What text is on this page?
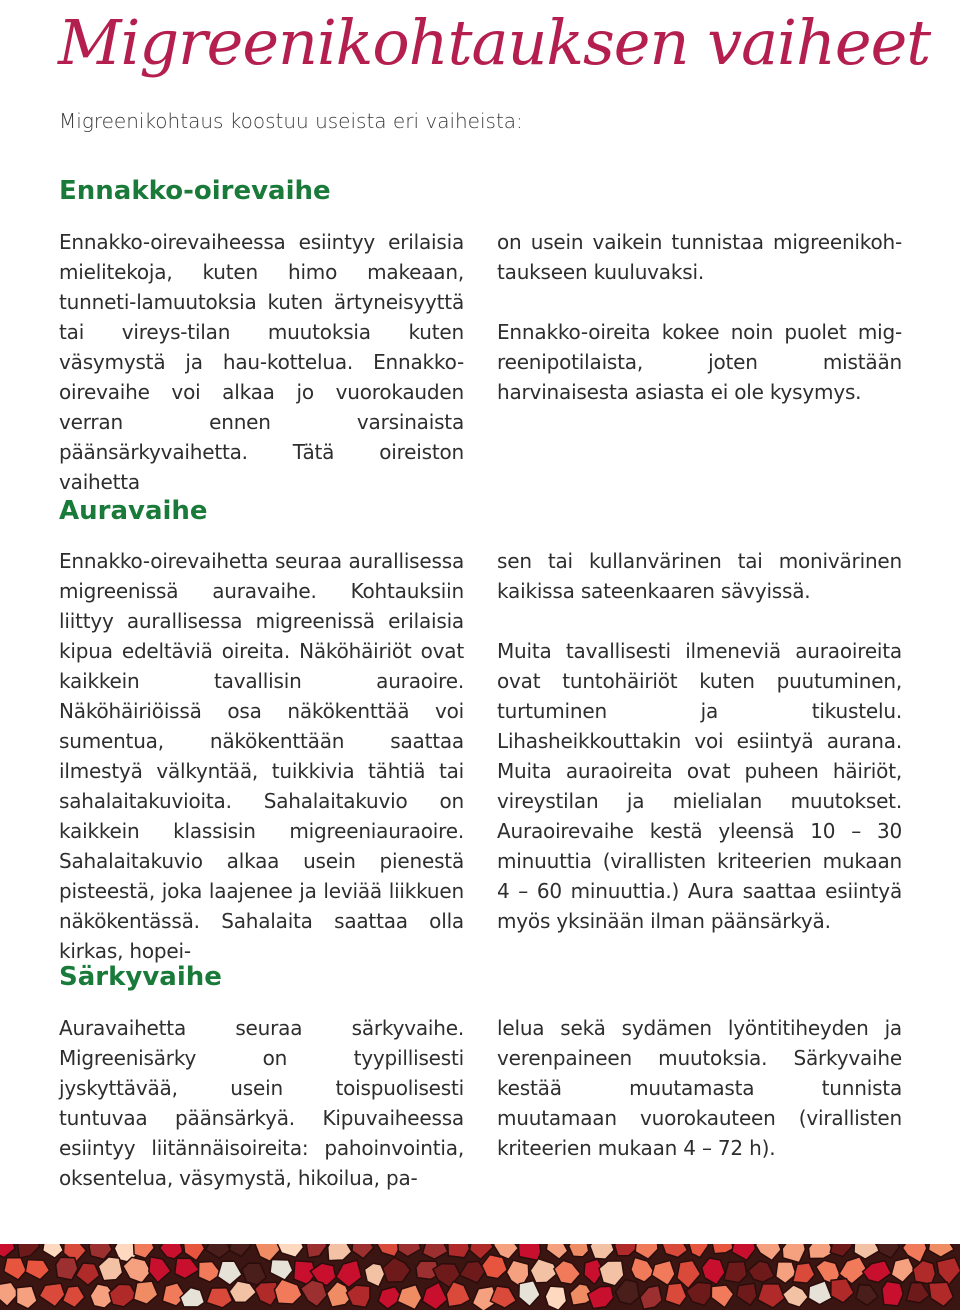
Migreenikohtauksen vaiheet
Migreenikohtaus koostuu useista eri vaiheista:
Ennakko-oirevaihe

Ennakko-oirevaiheessa esiintyy erilaisia mielitekoja, kuten himo makeaan, tunneti-lamuutoksia kuten ärtyneisyyttä tai vireys-tilan muutoksia kuten väsymystä ja hau-kottelua. Ennakko-oirevaihe voi alkaa jo vuorokauden verran ennen varsinaista päänsärkyvaihetta. Tätä oireiston vaihetta

on usein vaikein tunnistaa migreenikoh-taukseen kuuluvaksi.

Ennakko-oireita kokee noin puolet mig-reenipotilaista, joten mistään harvinaisesta asiasta ei ole kysymys.

Auravaihe

Ennakko-oirevaihetta seuraa aurallisessa migreenissä auravaihe. Kohtauksiin liittyy aurallisessa migreenissä erilaisia kipua edeltäviä oireita. Näköhäiriöt ovat kaikkein tavallisin auraoire. Näköhäiriöissä osa näkökenttää voi sumentua, näkökenttään saattaa ilmestyä välkyntää, tuikkivia tähtiä tai sahalaitakuvioita. Sahalaitakuvio on kaikkein klassisin migreeniauraoire. Sahalaitakuvio alkaa usein pienestä pisteestä, joka laajenee ja leviää liikkuen näkökentässä. Sahalaita saattaa olla kirkas, hopei-

sen tai kullanvärinen tai monivärinen kaikissa sateenkaaren sävyissä.

Muita tavallisesti ilmeneviä auraoireita ovat tuntohäiriöt kuten puutuminen, turtuminen ja tikustelu. Lihasheikkouttakin voi esiintyä aurana. Muita auraoireita ovat puheen häiriöt, vireystilan ja mielialan muutokset. Auraoirevaihe kestä yleensä 10 – 30 minuuttia (virallisten kriteerien mukaan 4 – 60 minuuttia.) Aura saattaa esiintyä myös yksinään ilman päänsärkyä.

Särkyvaihe

Auravaihetta seuraa särkyvaihe. Migreenisärky on tyypillisesti jyskyttävää, usein toispuolisesti tuntuvaa päänsärkyä. Kipuvaiheessa esiintyy liitännäisoireita: pahoinvointia, oksentelua, väsymystä, hikoilua, pa-

lelua sekä sydämen lyöntitiheyden ja verenpaineen muutoksia. Särkyvaihe kestää muutamasta tunnista muutamaan vuorokauteen (virallisten kriteerien mukaan 4 – 72 h).
